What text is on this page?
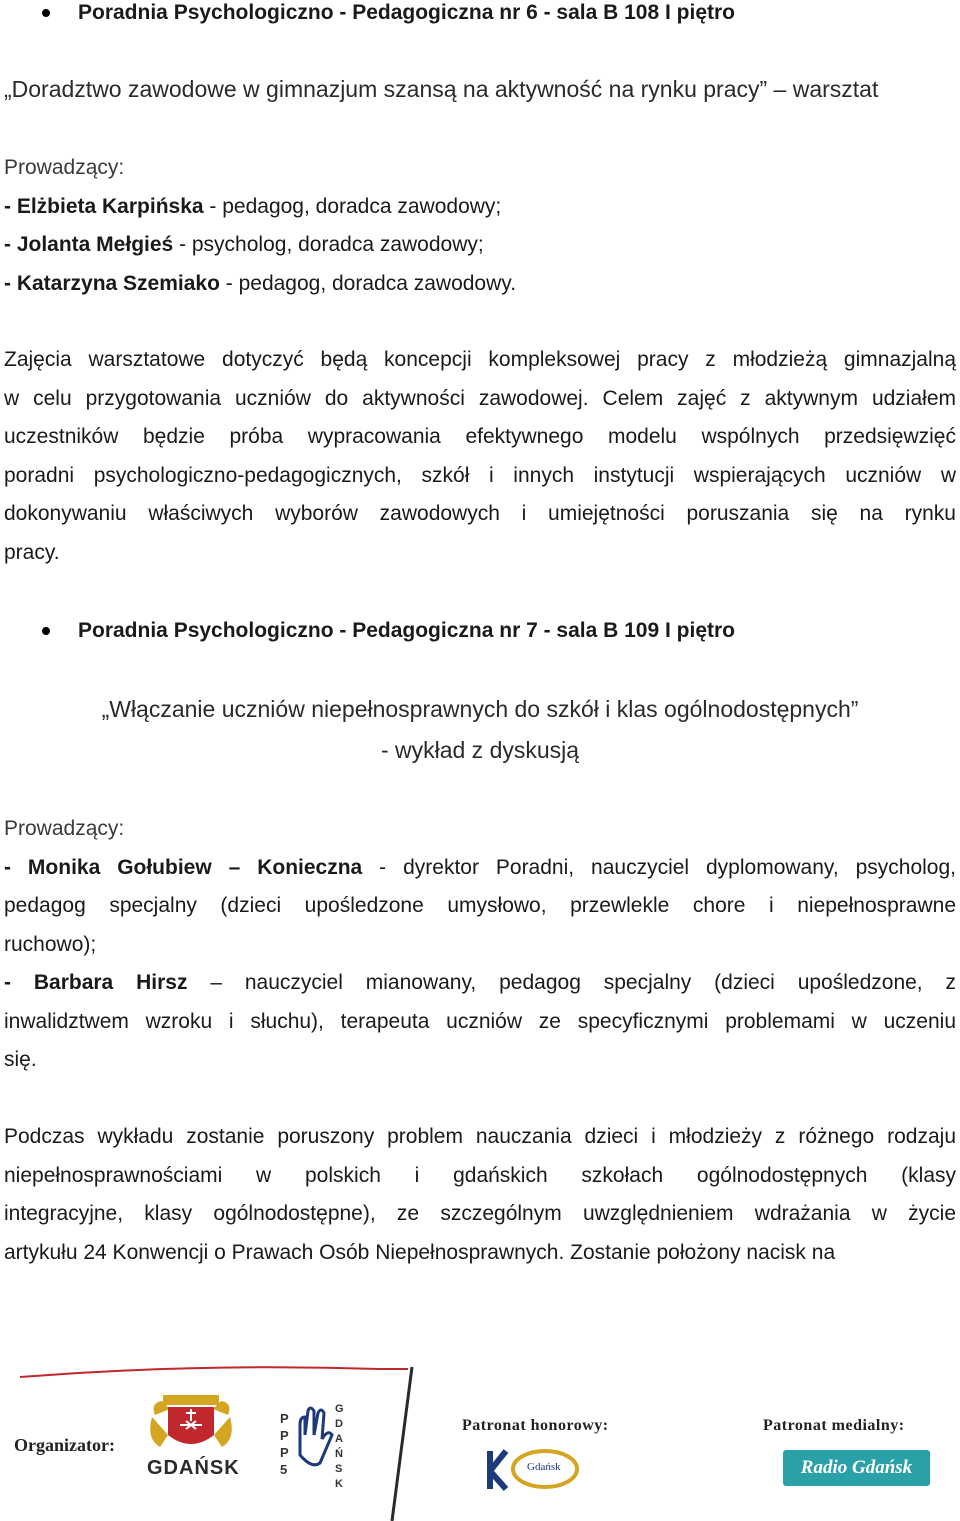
Poradnia Psychologiczno - Pedagogiczna nr 6 - sala B 108 I piętro
„Doradztwo zawodowe w gimnazjum szansą na aktywność na rynku pracy” – warsztat
Prowadzący:
- Elżbieta Karpińska - pedagog, doradca zawodowy;
- Jolanta Mełgieś - psycholog, doradca zawodowy;
- Katarzyna Szemiako - pedagog, doradca zawodowy.
Zajęcia warsztatowe dotyczyć będą koncepcji kompleksowej pracy z młodzieżą gimnazjalną
w celu przygotowania uczniów do aktywności zawodowej. Celem zajęć z aktywnym udziałem
uczestników będzie próba wypracowania efektywnego modelu wspólnych przedsięwzięć
poradni psychologiczno-pedagogicznych, szkół i innych instytucji wspierających uczniów w
dokonywaniu właściwych wyborów zawodowych i umiejętności poruszania się na rynku
pracy.
Poradnia Psychologiczno - Pedagogiczna nr 7 - sala B 109 I piętro
„Włączanie uczniów niepełnosprawnych do szkół i klas ogólnodostępnych”
- wykład z dyskusją
Prowadzący:
- Monika Gołubiew – Konieczna - dyrektor Poradni, nauczyciel dyplomowany, psycholog,
pedagog specjalny (dzieci upośledzone umysłowo, przewlekle chore i niepełnosprawne
ruchowo);
- Barbara Hirsz – nauczyciel mianowany, pedagog specjalny (dzieci upośledzone, z
inwalidztwem wzroku i słuchu), terapeuta uczniów ze specyficznymi problemami w uczeniu
się.
Podczas wykładu zostanie poruszony problem nauczania dzieci i młodzieży z różnego rodzaju
niepełnosprawnościami w polskich i gdańskich szkołach ogólnodostępnych (klasy
integracyjne, klasy ogólnodostępne), ze szczególnym uwzględnieniem wdrażania w życie
artykułu 24 Konwencji o Prawach Osób Niepełnosprawnych. Zostanie położony nacisk na
Organizator:
GDAŃSK
P
P
P
5
G
D
A
Ń
S
K
Patronat honorowy:
Gdańsk
Patronat medialny:
Radio Gdańsk
